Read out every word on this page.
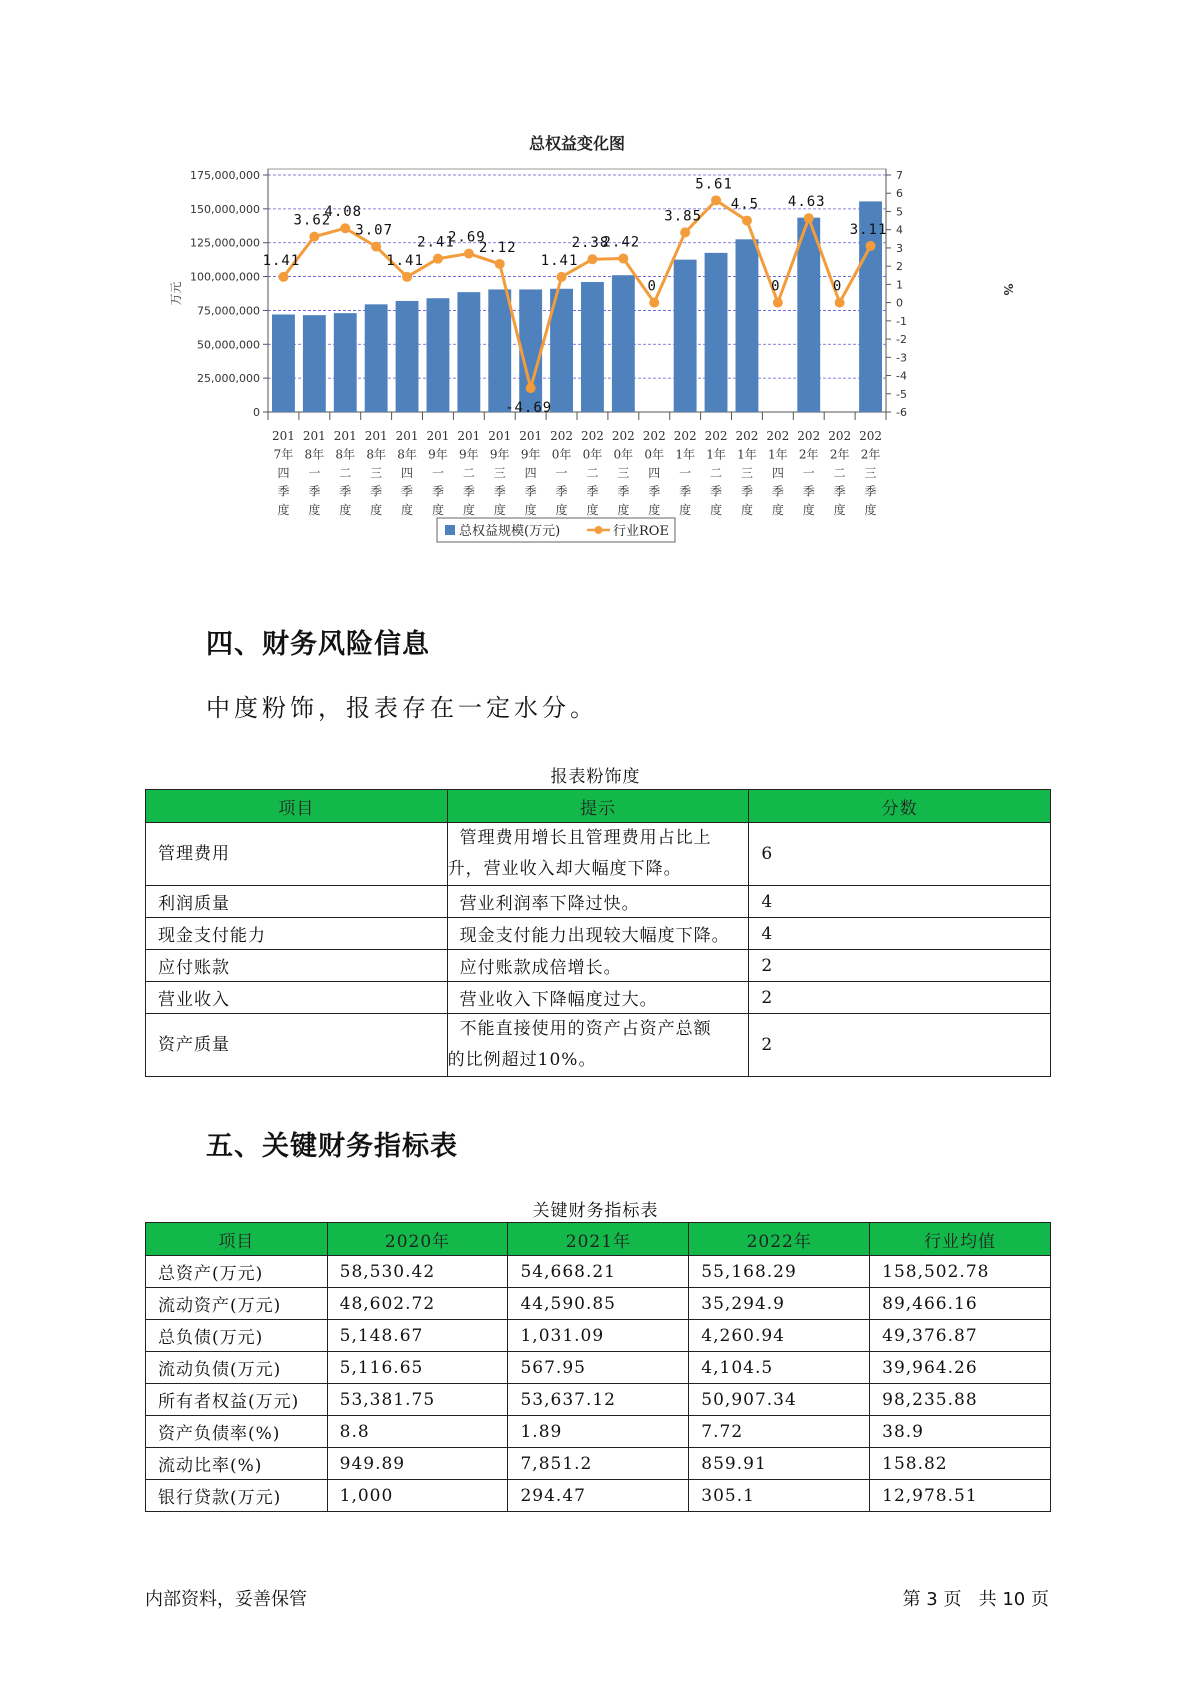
总权益变化图
175,000,000
150,000,000
125,000,000
100,000,000
75,000,000
50,000,000
25,000,000
0
7
6
5
4
3
2
1
0
-1
-2
-3
-4
-5
-6
万元	%
201
7年
四
季
度
201
8年
一
季
度
201
8年
二
季
度
201
8年
三
季
度
201
8年
四
季
度
201
9年
一
季
度
201
9年
二
季
度
201
9年
三
季
度
201
9年
四
季
度
202
0年
一
季
度
202
0年
二
季
度
202
0年
三
季
度
202
0年
四
季
度
202
1年
一
季
度
202
1年
二
季
度
202
1年
三
季
度
202
1年
四
季
度
202
2年
一
季
度
202
2年
二
季
度
202
2年
三
季
度
1.41
3.62
4.08
3.07
1.41
2.41
2.69
2.12
-4.69
1.41
2.38
2.42
0
3.85
5.61
4.5
0
4.63
0
3.11
总权益规模(万元)	行业ROE
四、财务风险信息
中度粉饰，报表存在一定水分。
报表粉饰度
项目	提示	分数
管理费用	管理费用增长且管理费用占比上
升，营业收入却大幅度下降。	6
利润质量	营业利润率下降过快。	4
现金支付能力	现金支付能力出现较大幅度下降。	4
应付账款	应付账款成倍增长。	2
营业收入	营业收入下降幅度过大。	2
资产质量	不能直接使用的资产占资产总额
的比例超过10%。	2
五、关键财务指标表
关键财务指标表
项目	2020年	2021年	2022年	行业均值
总资产(万元)	58,530.42	54,668.21	55,168.29	158,502.78
流动资产(万元)	48,602.72	44,590.85	35,294.9	89,466.16
总负债(万元)	5,148.67	1,031.09	4,260.94	49,376.87
流动负债(万元)	5,116.65	567.95	4,104.5	39,964.26
所有者权益(万元)	53,381.75	53,637.12	50,907.34	98,235.88
资产负债率(%)	8.8	1.89	7.72	38.9
流动比率(%)	949.89	7,851.2	859.91	158.82
银行贷款(万元)	1,000	294.47	305.1	12,978.51
内部资料，妥善保管	第 3 页   共 10 页
